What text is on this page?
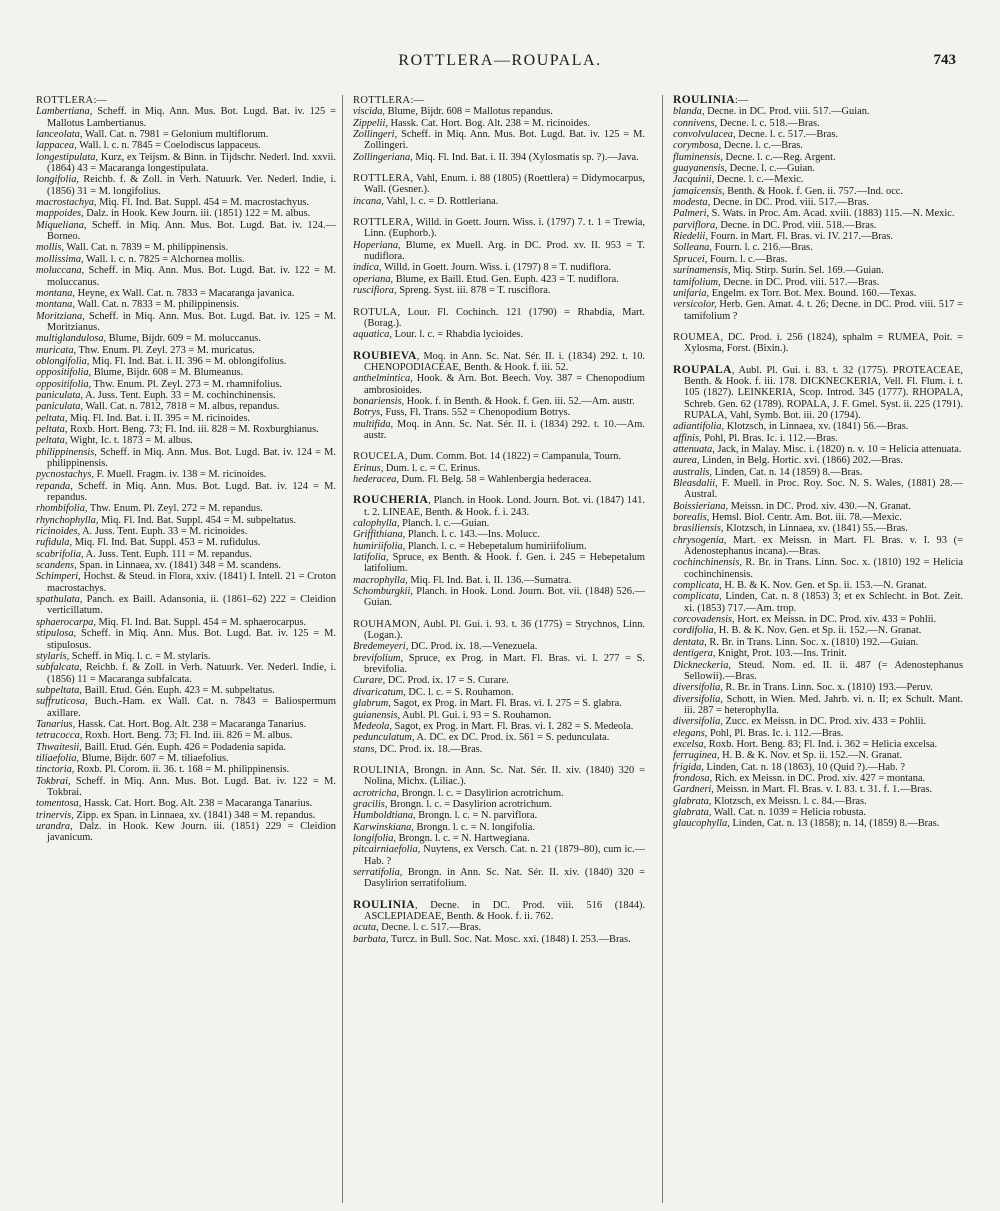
ROTTLERA—ROUPALA.	743
ROTTLERA:—
Lambertiana, Scheff. in Miq. Ann. Mus. Bot. Lugd. Bat. iv. 125 = Mallotus Lambertianus.
lanceolata, Wall. Cat. n. 7981 = Gelonium multiflorum.
lappacea, Wall. l. c. n. 7845 = Coelodiscus lappaceus.
longestipulata, Kurz, ex Teijsm. & Binn. in Tijdschr. Nederl. Ind. xxvii. (1864) 43 = Macaranga longestipulata.
longifolia, Reichb. f. & Zoll. in Verh. Natuurk. Ver. Nederl. Indie, i. (1856) 31 = M. longifolius.
macrostachya, Miq. Fl. Ind. Bat. Suppl. 454 = M. macrostachyus.
mappoides, Dalz. in Hook. Kew Journ. iii. (1851) 122 = M. albus.
Miqueliana, Scheff. in Miq. Ann. Mus. Bot. Lugd. Bat. iv. 124.—Borneo.
mollis, Wall. Cat. n. 7839 = M. philippinensis.
mollissima, Wall. l. c. n. 7825 = Alchornea mollis.
moluccana, Scheff. in Miq. Ann. Mus. Bot. Lugd. Bat. iv. 122 = M. moluccanus.
montana, Heyne, ex Wall. Cat. n. 7833 = Macaranga javanica.
montana, Wall. Cat. n. 7833 = M. philippinensis.
Moritziana, Scheff. in Miq. Ann. Mus. Bot. Lugd. Bat. iv. 125 = M. Moritzianus.
multiglandulosa, Blume, Bijdr. 609 = M. moluccanus.
muricata, Thw. Enum. Pl. Zeyl. 273 = M. muricatus.
oblongifolia, Miq. Fl. Ind. Bat. i. II. 396 = M. oblongifolius.
oppositifolia, Blume, Bijdr. 608 = M. Blumeanus.
oppositifolia, Thw. Enum. Pl. Zeyl. 273 = M. rhamnifolius.
paniculata, A. Juss. Tent. Euph. 33 = M. cochinchinensis.
paniculata, Wall. Cat. n. 7812, 7818 = M. albus, repandus.
peltata, Miq. Fl. Ind. Bat. i. II. 395 = M. ricinoides.
peltata, Roxb. Hort. Beng. 73; Fl. Ind. iii. 828 = M. Roxburghianus.
peltata, Wight, Ic. t. 1873 = M. albus.
philippinensis, Scheff. in Miq. Ann. Mus. Bot. Lugd. Bat. iv. 124 = M. philippinensis.
pycnostachys, F. Muell. Fragm. iv. 138 = M. ricinoides.
repanda, Scheff. in Miq. Ann. Mus. Bot. Lugd. Bat. iv. 124 = M. repandus.
rhombifolia, Thw. Enum. Pl. Zeyl. 272 = M. repandus.
rhynchophylla, Miq. Fl. Ind. Bat. Suppl. 454 = M. subpeltatus.
ricinoides, A. Juss. Tent. Euph. 33 = M. ricinoides.
rufidula, Miq. Fl. Ind. Bat. Suppl. 453 = M. rufidulus.
scabrifolia, A. Juss. Tent. Euph. 111 = M. repandus.
scandens, Span. in Linnaea, xv. (1841) 348 = M. scandens.
Schimperi, Hochst. & Steud. in Flora, xxiv. (1841) I. Intell. 21 = Croton macrostachys.
spathulata, Panch. ex Baill. Adansonia, ii. (1861–62) 222 = Cleidion verticillatum.
sphaerocarpa, Miq. Fl. Ind. Bat. Suppl. 454 = M. sphaerocarpus.
stipulosa, Scheff. in Miq. Ann. Mus. Bot. Lugd. Bat. iv. 125 = M. stipulosus.
stylaris, Scheff. in Miq. l. c. = M. stylaris.
subfalcata, Reichb. f. & Zoll. in Verh. Natuurk. Ver. Nederl. Indie, i. (1856) 11 = Macaranga subfalcata.
subpeltata, Baill. Etud. Gén. Euph. 423 = M. subpeltatus.
suffruticosa, Buch.-Ham. ex Wall. Cat. n. 7843 = Baliospermum axillare.
Tanarius, Hassk. Cat. Hort. Bog. Alt. 238 = Macaranga Tanarius.
tetracocca, Roxb. Hort. Beng. 73; Fl. Ind. iii. 826 = M. albus.
Thwaitesii, Baill. Etud. Gén. Euph. 426 = Podadenia sapida.
tiliaefolia, Blume, Bijdr. 607 = M. tiliaefolius.
tinctoria, Roxb. Pl. Corom. ii. 36. t. 168 = M. philippinensis.
Tokbrai, Scheff. in Miq. Ann. Mus. Bot. Lugd. Bat. iv. 122 = M. Tokbrai.
tomentosa, Hassk. Cat. Hort. Bog. Alt. 238 = Macaranga Tanarius.
trinervis, Zipp. ex Span. in Linnaea, xv. (1841) 348 = M. repandus.
urandra, Dalz. in Hook. Kew Journ. iii. (1851) 229 = Cleidion javanicum.
ROTTLERA:—
viscida, Blume, Bijdr. 608 = Mallotus repandus.
Zippelii, Hassk. Cat. Hort. Bog. Alt. 238 = M. ricinoides.
Zollingeri, Scheff. in Miq. Ann. Mus. Bot. Lugd. Bat. iv. 125 = M. Zollingeri.
Zollingeriana, Miq. Fl. Ind. Bat. i. II. 394 (Xylosmatis sp. ?).—Java.
ROTTLERA, Vahl, Enum. i. 88 (1805) (Roettlera) = Didymocarpus, Wall. (Gesner.).
incana, Vahl, l. c. = D. Rottleriana.
ROTTLERA, Willd. in Goett. Journ. Wiss. i. (1797) 7. t. 1 = Trewia, Linn. (Euphorb.).
Hoperiana, Blume, ex Muell. Arg. in DC. Prod. xv. II. 953 = T. nudiflora.
indica, Willd. in Goett. Journ. Wiss. i. (1797) 8 = T. nudiflora.
operiana, Blume, ex Baill. Etud. Gen. Euph. 423 = T. nudiflora.
ruscifiora, Spreng. Syst. iii. 878 = T. rusciflora.
ROTULA, Lour. Fl. Cochinch. 121 (1790) = Rhabdia, Mart. (Borag.).
aquatica, Lour. l. c. = Rhabdia lycioides.
ROUBIEVA, Moq. in Ann. Sc. Nat. Sér. II. i. (1834) 292. t. 10. CHENOPODIACEAE, Benth. & Hook. f. iii. 52.
anthelmintica, Hook. & Arn. Bot. Beech. Voy. 387 = Chenopodium ambrosioides.
bonariensis, Hook. f. in Benth. & Hook. f. Gen. iii. 52.—Am. austr.
Botrys, Fuss, Fl. Trans. 552 = Chenopodium Botrys.
multifida, Moq. in Ann. Sc. Nat. Sér. II. i. (1834) 292. t. 10.—Am. austr.
ROUCELA, Dum. Comm. Bot. 14 (1822) = Campanula, Tourn.
Erinus, Dum. l. c. = C. Erinus.
hederacea, Dum. Fl. Belg. 58 = Wahlenbergia hederacea.
ROUCHERIA, Planch. in Hook. Lond. Journ. Bot. vi. (1847) 141. t. 2. LINEAE, Benth. & Hook. f. i. 243.
calophylla, Planch. l. c.—Guian.
Griffithiana, Planch. l. c. 143.—Ins. Molucc.
humiriifolia, Planch. l. c. = Hebepetalum humiriifolium.
latifolia, Spruce, ex Benth. & Hook. f. Gen. i. 245 = Hebepetalum latifolium.
macrophylla, Miq. Fl. Ind. Bat. i. II. 136.—Sumatra.
Schomburgkii, Planch. in Hook. Lond. Journ. Bot. vii. (1848) 526.—Guian.
ROUHAMON, Aubl. Pl. Gui. i. 93. t. 36 (1775) = Strychnos, Linn. (Logan.).
Bredemeyeri, DC. Prod. ix. 18.—Venezuela.
brevifolium, Spruce, ex Prog. in Mart. Fl. Bras. vi. I. 277 = S. brevifolia.
Curare, DC. Prod. ix. 17 = S. Curare.
divaricatum, DC. l. c. = S. Rouhamon.
glabrum, Sagot, ex Prog. in Mart. Fl. Bras. vi. I. 275 = S. glabra.
guianensis, Aubl. Pl. Gui. i. 93 = S. Rouhamon.
Medeola, Sagot, ex Prog. in Mart. Fl. Bras. vi. I. 282 = S. Medeola.
pedunculatum, A. DC. ex DC. Prod. ix. 561 = S. pedunculata.
stans, DC. Prod. ix. 18.—Bras.
ROULINIA, Brongn. in Ann. Sc. Nat. Sér. II. xiv. (1840) 320 = Nolina, Michx. (Liliac.).
acrotricha, Brongn. l. c. = Dasylirion acrotrichum.
gracilis, Brongn. l. c. = Dasylirion acrotrichum.
Humboldtiana, Brongn. l. c. = N. parviflora.
Karwinskiana, Brongn. l. c. = N. longifolia.
longifolia, Brongn. l. c. = N. Hartwegiana.
pitcairniaefolia, Nuytens, ex Versch. Cat. n. 21 (1879–80), cum ic.—Hab. ?
serratifolia, Brongn. in Ann. Sc. Nat. Sér. II. xiv. (1840) 320 = Dasylirion serratifolium.
ROULINIA, Decne. in DC. Prod. viii. 516 (1844). ASCLEPIADEAE, Benth. & Hook. f. ii. 762.
acuta, Decne. l. c. 517.—Bras.
barbata, Turcz. in Bull. Soc. Nat. Mosc. xxi. (1848) I. 253.—Bras.
ROULINIA:—
blanda, Decne. in DC. Prod. viii. 517.—Guian.
connivens, Decne. l. c. 518.—Bras.
convolvulacea, Decne. l. c. 517.—Bras.
corymbosa, Decne. l. c.—Bras.
fluminensis, Decne. l. c.—Reg. Argent.
guayanensis, Decne. l. c.—Guian.
Jacquinii, Decne. l. c.—Mexic.
jamaicensis, Benth. & Hook. f. Gen. ii. 757.—Ind. occ.
modesta, Decne. in DC. Prod. viii. 517.—Bras.
Palmeri, S. Wats. in Proc. Am. Acad. xviii. (1883) 115.—N. Mexic.
parviflora, Decne. in DC. Prod. viii. 518.—Bras.
Riedelii, Fourn. in Mart. Fl. Bras. vi. IV. 217.—Bras.
Solleana, Fourn. l. c. 216.—Bras.
Sprucei, Fourn. l. c.—Bras.
surinamensis, Miq. Stirp. Surin. Sel. 169.—Guian.
tamifolium, Decne. in DC. Prod. viii. 517.—Bras.
unifaria, Engelm. ex Torr. Bot. Mex. Bound. 160.—Texas.
versicolor, Herb. Gen. Amat. 4. t. 26; Decne. in DC. Prod. viii. 517 = tamifolium ?
ROUMEA, DC. Prod. i. 256 (1824), sphalm = RUMEA, Poit. = Xylosma, Forst. (Bixin.).
ROUPALA, Aubl. Pl. Gui. i. 83. t. 32 (1775). PROTEACEAE, Benth. & Hook. f. iii. 178. DICKNECKERIA, Vell. Fl. Flum. i. t. 105 (1827). LEINKERIA, Scop. Introd. 345 (1777). RHOPALA, Schreb. Gen. 62 (1789). ROPALA, J. F. Gmel. Syst. ii. 225 (1791). RUPALA, Vahl, Symb. Bot. iii. 20 (1794).
adiantifolia, Klotzsch, in Linnaea, xv. (1841) 56.—Bras.
affinis, Pohl, Pl. Bras. Ic. i. 112.—Bras.
attenuata, Jack, in Malay. Misc. i. (1820) n. v. 10 = Helicia attenuata.
aurea, Linden, in Belg. Hortic. xvi. (1866) 202.—Bras.
australis, Linden, Cat. n. 14 (1859) 8.—Bras.
Bleasdalii, F. Muell. in Proc. Roy. Soc. N. S. Wales, (1881) 28.—Austral.
Boissieriana, Meissn. in DC. Prod. xiv. 430.—N. Granat.
borealis, Hemsl. Biol. Centr. Am. Bot. iii. 78.—Mexic.
brasiliensis, Klotzsch, in Linnaea, xv. (1841) 55.—Bras.
chrysogenia, Mart. ex Meissn. in Mart. Fl. Bras. v. I. 93 (= Adenostephanus incana).—Bras.
cochinchinensis, R. Br. in Trans. Linn. Soc. x. (1810) 192 = Helicia cochinchinensis.
complicata, H. B. & K. Nov. Gen. et Sp. ii. 153.—N. Granat.
complicata, Linden, Cat. n. 8 (1853) 3; et ex Schlecht. in Bot. Zeit. xi. (1853) 717.—Am. trop.
corcovadensis, Hort. ex Meissn. in DC. Prod. xiv. 433 = Pohlii.
cordifolia, H. B. & K. Nov. Gen. et Sp. ii. 152.—N. Granat.
dentata, R. Br. in Trans. Linn. Soc. x. (1810) 192.—Guian.
dentigera, Knight, Prot. 103.—Ins. Trinit.
Dickneckeria, Steud. Nom. ed. II. ii. 487 (= Adenostephanus Sellowii).—Bras.
diversifolia, R. Br. in Trans. Linn. Soc. x. (1810) 193.—Peruv.
diversifolia, Schott, in Wien. Med. Jahrb. vi. n. II; ex Schult. Mant. iii. 287 = heterophylla.
diversifolia, Zucc. ex Meissn. in DC. Prod. xiv. 433 = Pohlii.
elegans, Pohl, Pl. Bras. Ic. i. 112.—Bras.
excelsa, Roxb. Hort. Beng. 83; Fl. Ind. i. 362 = Helicia excelsa.
ferruginea, H. B. & K. Nov. et Sp. ii. 152.—N. Granat.
frigida, Linden, Cat. n. 18 (1863), 10 (Quid ?).—Hab. ?
frondosa, Rich. ex Meissn. in DC. Prod. xiv. 427 = montana.
Gardneri, Meissn. in Mart. Fl. Bras. v. I. 83. t. 31. f. 1.—Bras.
glabrata, Klotzsch, ex Meissn. l. c. 84.—Bras.
glabrata, Wall. Cat. n. 1039 = Helicia robusta.
glaucophylla, Linden, Cat. n. 13 (1858); n. 14, (1859) 8.—Bras.
